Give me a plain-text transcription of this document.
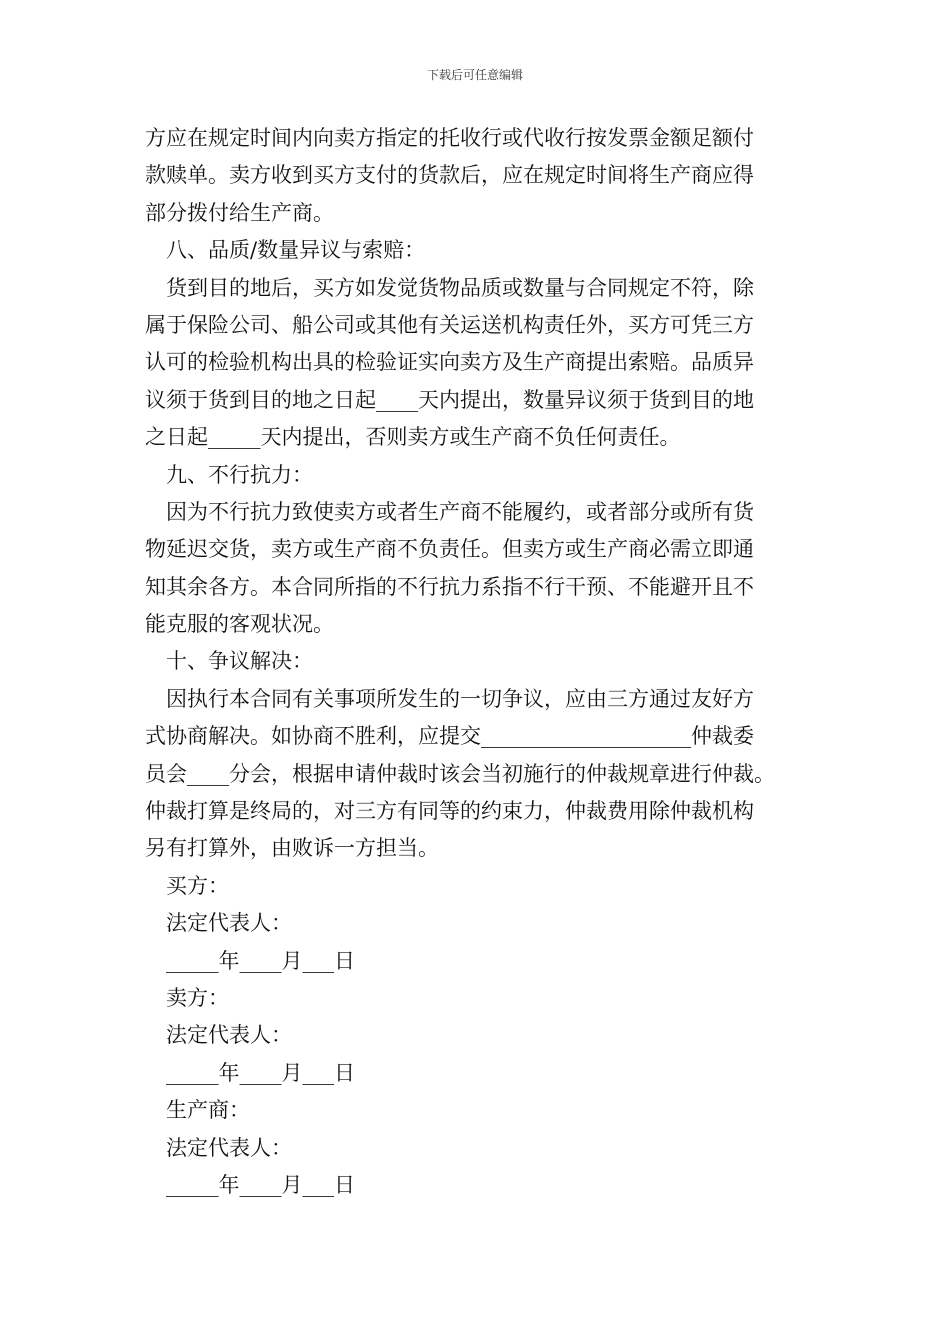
下载后可任意编辑
方应在规定时间内向卖方指定的托收行或代收行按发票金额足额付
款赎单。卖方收到买方支付的货款后，应在规定时间将生产商应得
部分拨付给生产商。
八、品质/数量异议与索赔：
货到目的地后，买方如发觉货物品质或数量与合同规定不符，除
属于保险公司、船公司或其他有关运送机构责任外，买方可凭三方
认可的检验机构出具的检验证实向卖方及生产商提出索赔。品质异
议须于货到目的地之日起____天内提出，数量异议须于货到目的地
之日起_____天内提出，否则卖方或生产商不负任何责任。
九、不行抗力：
因为不行抗力致使卖方或者生产商不能履约，或者部分或所有货
物延迟交货，卖方或生产商不负责任。但卖方或生产商必需立即通
知其余各方。本合同所指的不行抗力系指不行干预、不能避开且不
能克服的客观状况。
十、争议解决：
因执行本合同有关事项所发生的一切争议，应由三方通过友好方
式协商解决。如协商不胜利，应提交____________________仲裁委
员会____分会，根据申请仲裁时该会当初施行的仲裁规章进行仲裁。
仲裁打算是终局的，对三方有同等的约束力，仲裁费用除仲裁机构
另有打算外，由败诉一方担当。
买方：
法定代表人：
_____年____月___日
卖方：
法定代表人：
_____年____月___日
生产商：
法定代表人：
_____年____月___日
